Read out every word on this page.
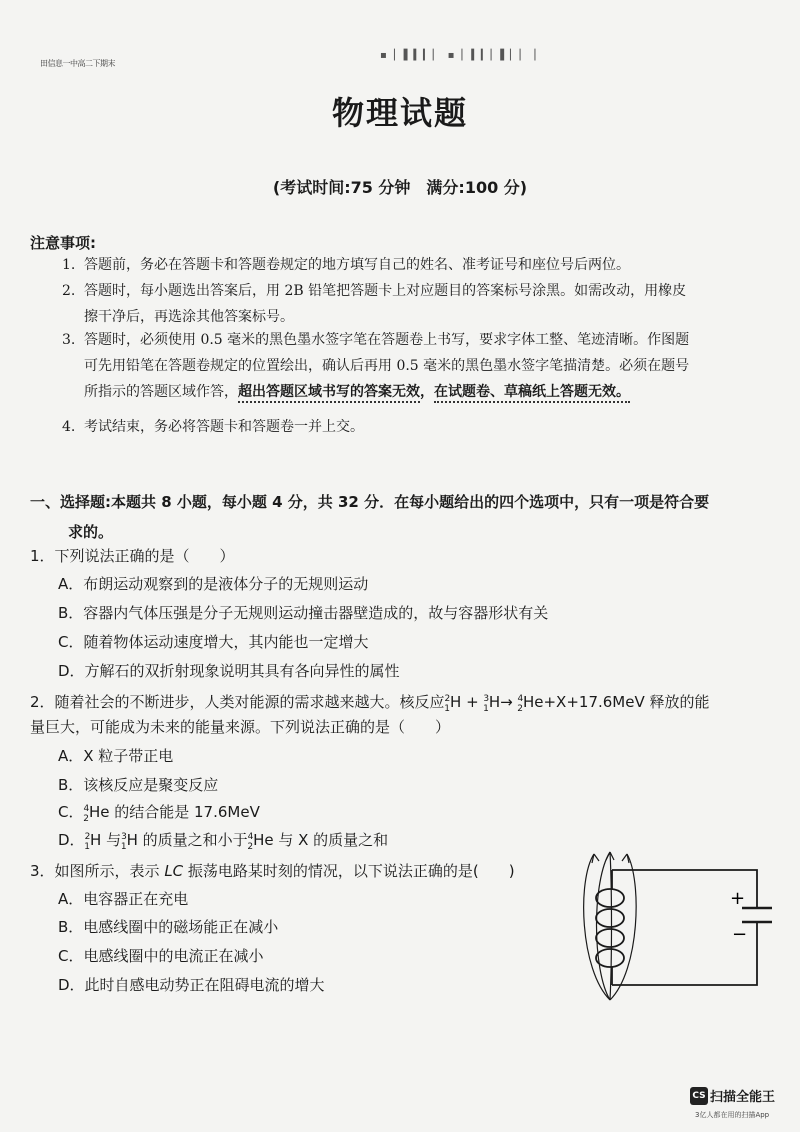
田信息一中高二下期末
▪ ▏▌▍▎▏ ▪ ▏▍▎▏▌▏▏ ▏
物理试题
(考试时间:75 分钟　满分:100 分)
注意事项:
1. 答题前，务必在答题卡和答题卷规定的地方填写自己的姓名、准考证号和座位号后两位。
2. 答题时，每小题选出答案后，用 2B 铅笔把答题卡上对应题目的答案标号涂黑。如需改动，用橡皮
擦干净后，再选涂其他答案标号。
3. 答题时，必须使用 0.5 毫米的黑色墨水签字笔在答题卷上书写，要求字体工整、笔迹清晰。作图题
可先用铅笔在答题卷规定的位置绘出，确认后再用 0.5 毫米的黑色墨水签字笔描清楚。必须在题号
所指示的答题区域作答，超出答题区域书写的答案无效，在试题卷、草稿纸上答题无效。
4. 考试结束，务必将答题卡和答题卷一并上交。
一、选择题:本题共 8 小题，每小题 4 分，共 32 分．在每小题给出的四个选项中，只有一项是符合要
求的。
1．下列说法正确的是（　　）
A．布朗运动观察到的是液体分子的无规则运动
B．容器内气体压强是分子无规则运动撞击器壁造成的，故与容器形状有关
C．随着物体运动速度增大，其内能也一定增大
D．方解石的双折射现象说明其具有各向异性的属性
2．随着社会的不断进步，人类对能源的需求越来越大。核反应$^2_1$H + $^3_1$H→ $^4_2$He+X+17.6MeV 释放的能
量巨大，可能成为未来的能量来源。下列说法正确的是（　　）
A．X 粒子带正电
B．该核反应是聚变反应
C．$^4_2$He 的结合能是 17.6MeV
D．$^2_1$H 与$^3_1$H 的质量之和小于$^4_2$He 与 X 的质量之和
3．如图所示，表示 LC 振荡电路某时刻的情况，以下说法正确的是(　　)
A．电容器正在充电
B．电感线圈中的磁场能正在减小
C．电感线圈中的电流正在减小
D．此时自感电动势正在阻碍电流的增大
+
−
CS 扫描全能王
3亿人都在用的扫描App
